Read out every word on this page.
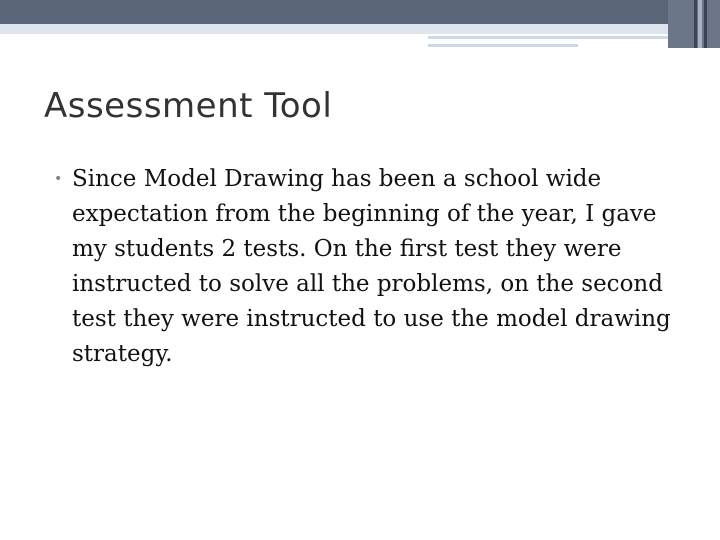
Assessment Tool
• Since Model Drawing has been a school wide expectation from the beginning of the year, I gave my students 2 tests. On the first test they were instructed to solve all the problems, on the second test they were instructed to use the model drawing strategy.
